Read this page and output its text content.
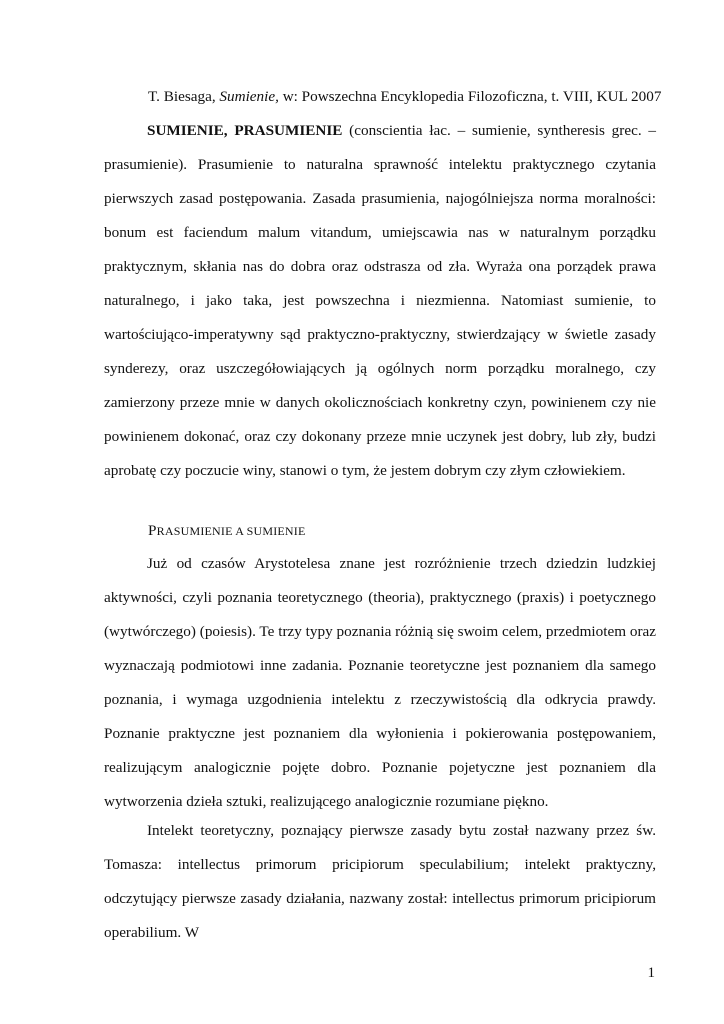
T. Biesaga, Sumienie, w: Powszechna Encyklopedia Filozoficzna, t. VIII, KUL 2007

SUMIENIE, PRASUMIENIE (conscientia łac. – sumienie, syntheresis grec. – prasumienie). Prasumienie to naturalna sprawność intelektu praktycznego czytania pierwszych zasad postępowania. Zasada prasumienia, najogólniejsza norma moralności: bonum est faciendum malum vitandum, umiejscawia nas w naturalnym porządku praktycznym, skłania nas do dobra oraz odstrasza od zła. Wyraża ona porządek prawa naturalnego, i jako taka, jest powszechna i niezmienna. Natomiast sumienie, to wartościująco-imperatywny sąd praktyczno-praktyczny, stwierdzający w świetle zasady synderezy, oraz uszczegółowiających ją ogólnych norm porządku moralnego, czy zamierzony przeze mnie w danych okolicznościach konkretny czyn, powinienem czy nie powinienem dokonać, oraz czy dokonany przeze mnie uczynek jest dobry, lub zły, budzi aprobatę czy poczucie winy, stanowi o tym, że jestem dobrym czy złym człowiekiem.

PRASUMIENIE A SUMIENIE

Już od czasów Arystotelesa znane jest rozróżnienie trzech dziedzin ludzkiej aktywności, czyli poznania teoretycznego (theoria), praktycznego (praxis) i poetycznego (wytwórczego) (poiesis). Te trzy typy poznania różnią się swoim celem, przedmiotem oraz wyznaczają podmiotowi inne zadania. Poznanie teoretyczne jest poznaniem dla samego poznania, i wymaga uzgodnienia intelektu z rzeczywistością dla odkrycia prawdy. Poznanie praktyczne jest poznaniem dla wyłonienia i pokierowania postępowaniem, realizującym analogicznie pojęte dobro. Poznanie pojetyczne jest poznaniem dla wytworzenia dzieła sztuki, realizującego analogicznie rozumiane piękno.

Intelekt teoretyczny, poznający pierwsze zasady bytu został nazwany przez św. Tomasza: intellectus primorum pricipiorum speculabilium; intelekt praktyczny, odczytujący pierwsze zasady działania, nazwany został: intellectus primorum pricipiorum operabilium. W

1
